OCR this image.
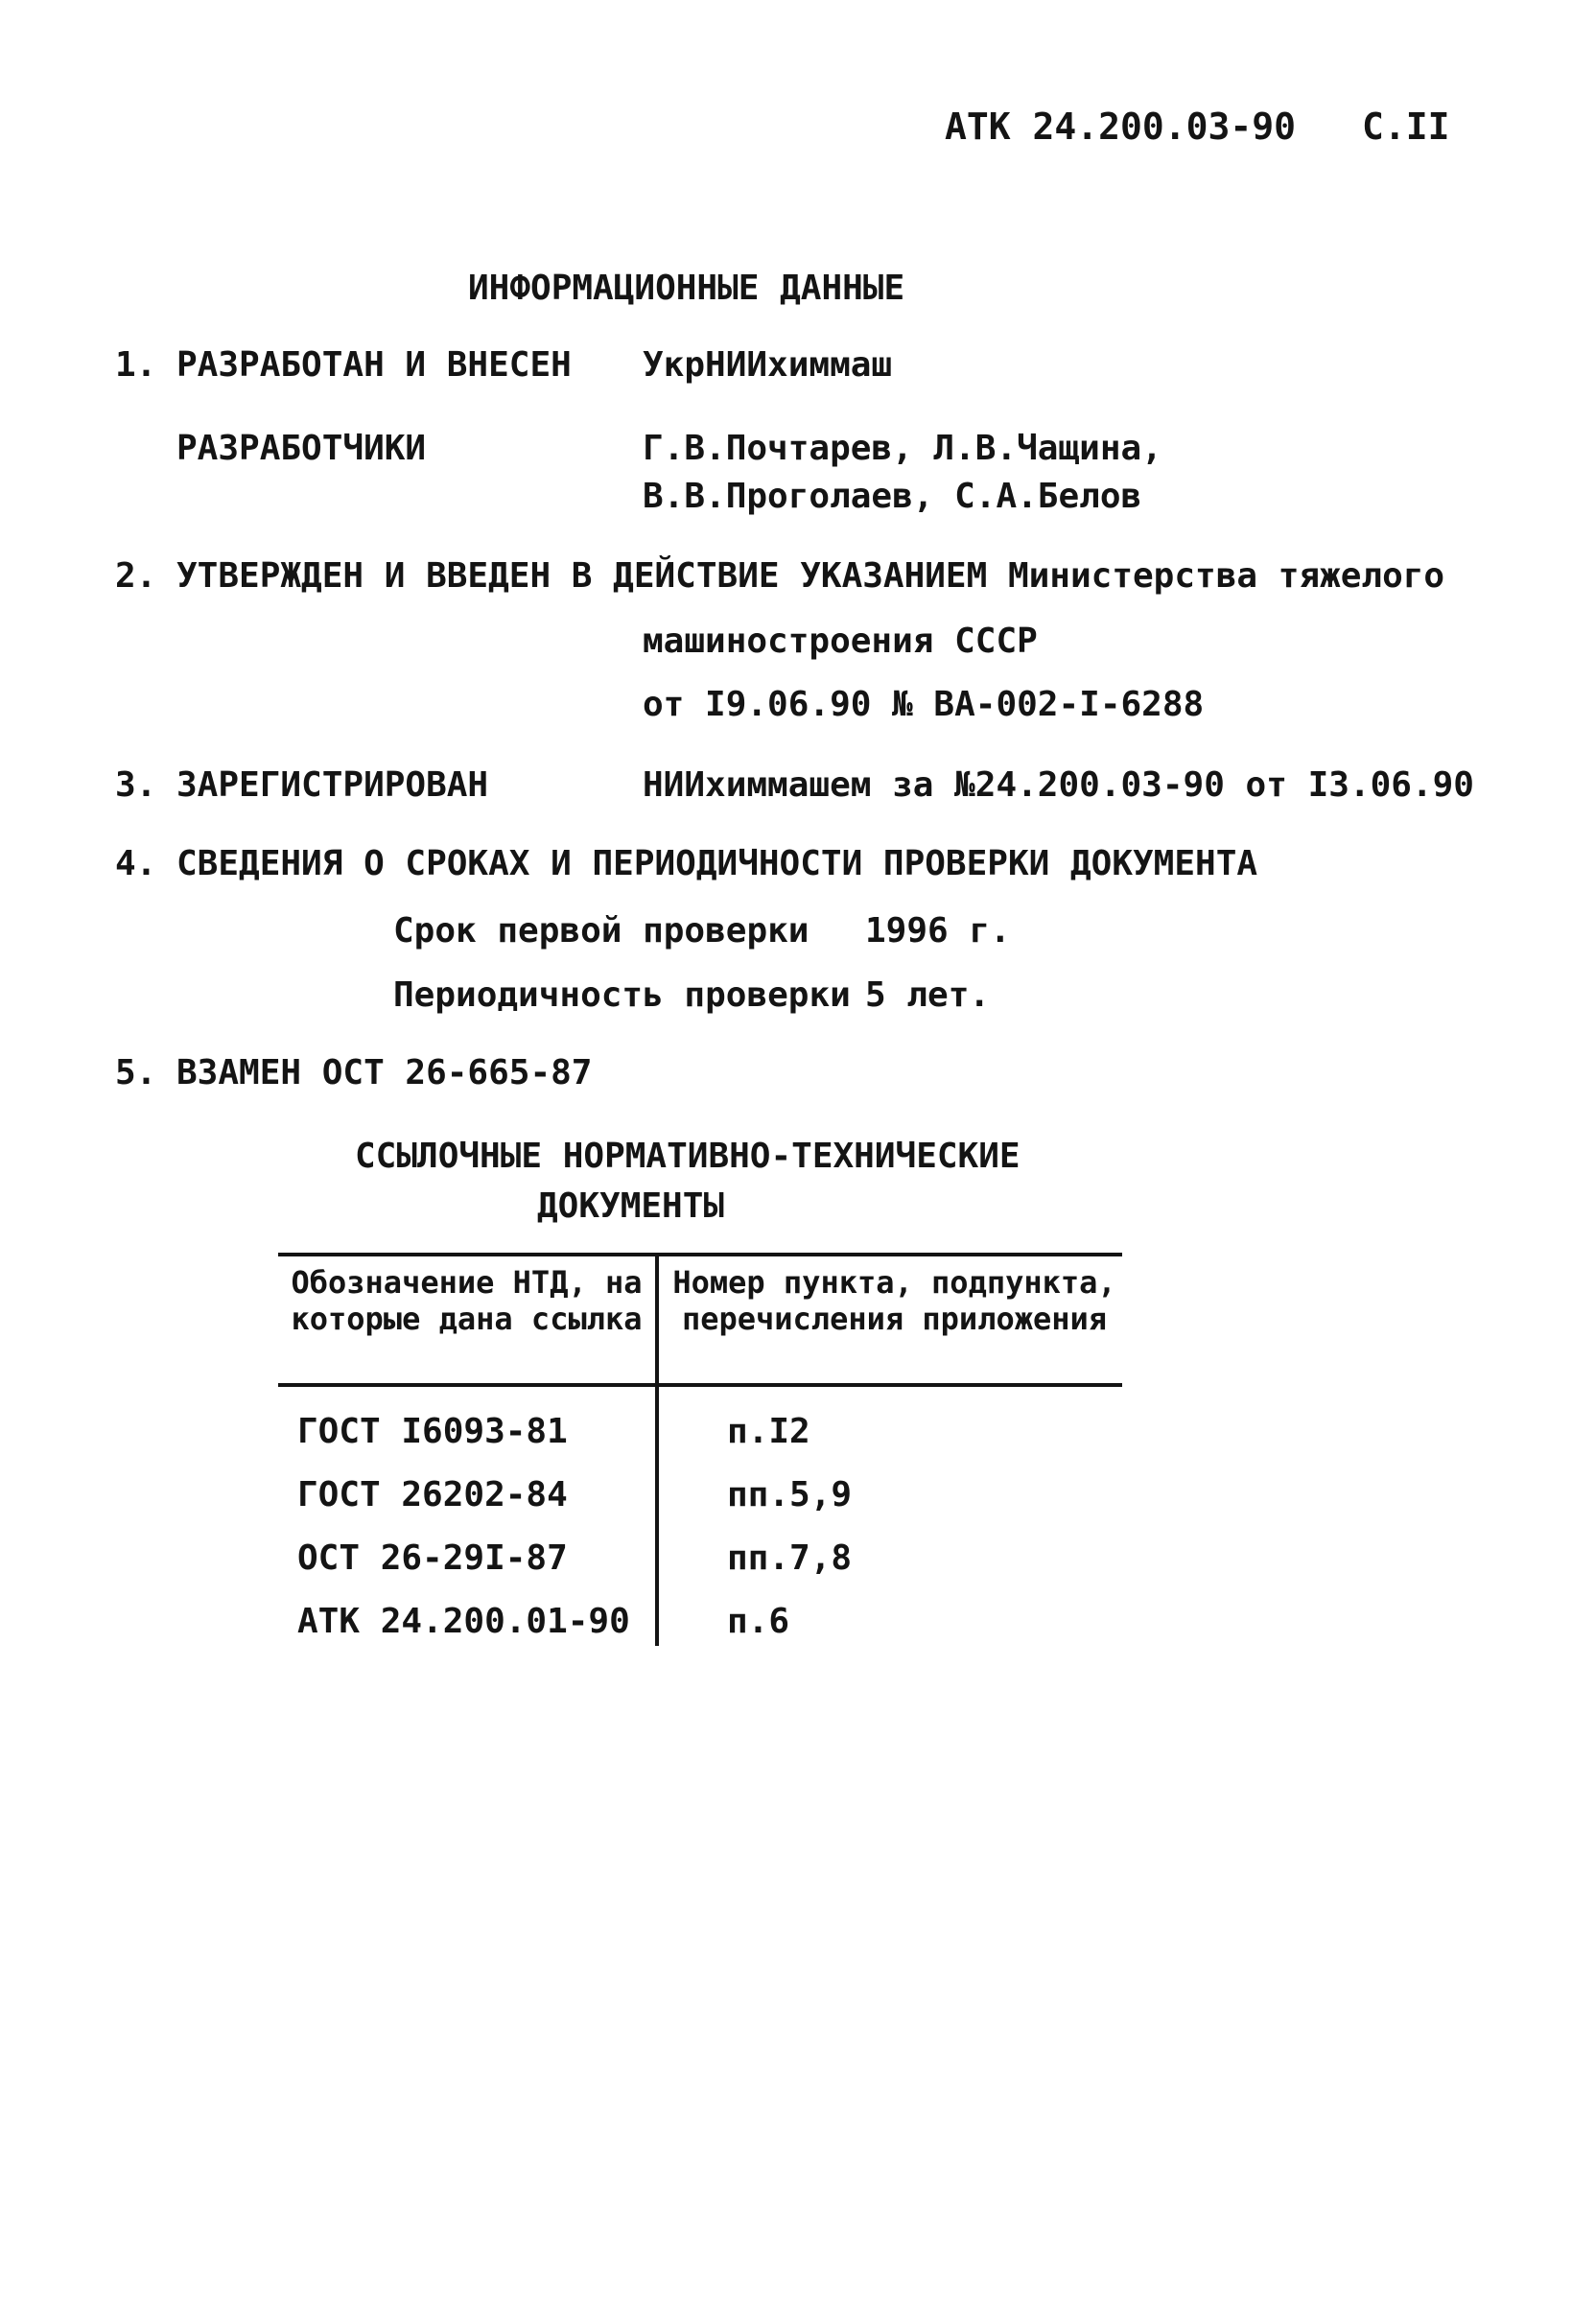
АТК 24.200.03-90 С.II
ИНФОРМАЦИОННЫЕ ДАННЫЕ
1. РАЗРАБОТАН И ВНЕСЕН УкрНИИхиммаш
РАЗРАБОТЧИКИ	Г.В.Почтарев, Л.В.Чащина,
В.В.Проголаев, С.А.Белов
2. УТВЕРЖДЕН И ВВЕДЕН В ДЕЙСТВИЕ УКАЗАНИЕМ Министерства тяжелого
машиностроения СССР
от I9.06.90 № ВА-002-I-6288
3. ЗАРЕГИСТРИРОВАН	НИИхиммашем за №24.200.03-90 от I3.06.90
4. СВЕДЕНИЯ О СРОКАХ И ПЕРИОДИЧНОСТИ ПРОВЕРКИ ДОКУМЕНТА
Срок первой проверки 1996 г.
Периодичность проверки 5 лет.
5. ВЗАМЕН ОСТ 26-665-87
ССЫЛОЧНЫЕ НОРМАТИВНО-ТЕХНИЧЕСКИЕ
ДОКУМЕНТЫ
Обозначение НТД, на которые дана ссылка
Номер пункта, подпункта, перечисления приложения
ГОСТ I6093-81	п.I2
ГОСТ 26202-84	пп.5,9
ОСТ 26-29I-87	пп.7,8
АТК 24.200.01-90	п.6
